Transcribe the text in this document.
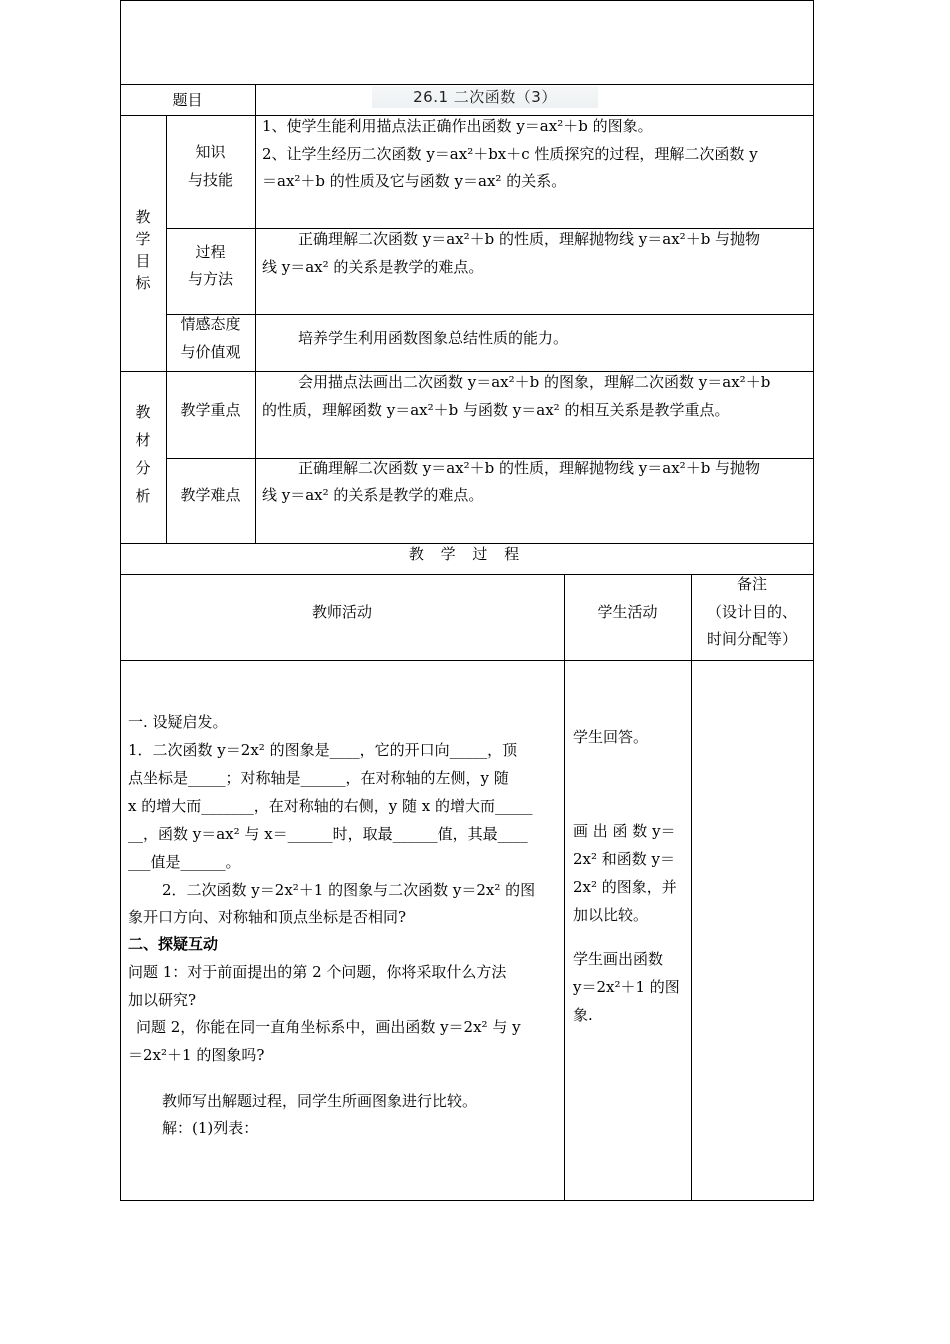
题目	26.1 二次函数（3）
教学目标
知识
与技能
1、使学生能利用描点法正确作出函数 y＝ax²＋b 的图象。
2、让学生经历二次函数 y＝ax²＋bx＋c 性质探究的过程，理解二次函数 y
＝ax²＋b 的性质及它与函数 y＝ax² 的关系。
过程
与方法
正确理解二次函数 y＝ax²＋b 的性质，理解抛物线 y＝ax²＋b 与抛物
线 y＝ax² 的关系是教学的难点。
情感态度
与价值观
培养学生利用函数图象总结性质的能力。
教材分析
教学重点
会用描点法画出二次函数 y＝ax²＋b 的图象，理解二次函数 y＝ax²＋b
的性质，理解函数 y＝ax²＋b 与函数 y＝ax² 的相互关系是教学重点。
教学难点
正确理解二次函数 y＝ax²＋b 的性质，理解抛物线 y＝ax²＋b 与抛物
线 y＝ax² 的关系是教学的难点。
教 学 过 程
教师活动	学生活动
备注
（设计目的、
时间分配等）
一. 设疑启发。
1．二次函数 y＝2x² 的图象是____，它的开口向_____，顶
点坐标是_____；对称轴是______，在对称轴的左侧，y 随
x 的增大而_______，在对称轴的右侧，y 随 x 的增大而_____
__，函数 y＝ax² 与 x＝______时，取最______值，其最____
___值是______。
2．二次函数 y＝2x²＋1 的图象与二次函数 y＝2x² 的图
象开口方向、对称轴和顶点坐标是否相同?
二、探疑互动
问题 1：对于前面提出的第 2 个问题，你将采取什么方法
加以研究?
问题 2，你能在同一直角坐标系中，画出函数 y＝2x² 与 y
＝2x²＋1 的图象吗?
教师写出解题过程，同学生所画图象进行比较。
解：(1)列表：
学生回答。
画 出 函 数 y＝
2x² 和函数 y＝
2x² 的图象，并
加以比较。
学生画出函数
y＝2x²＋1 的图
象.
